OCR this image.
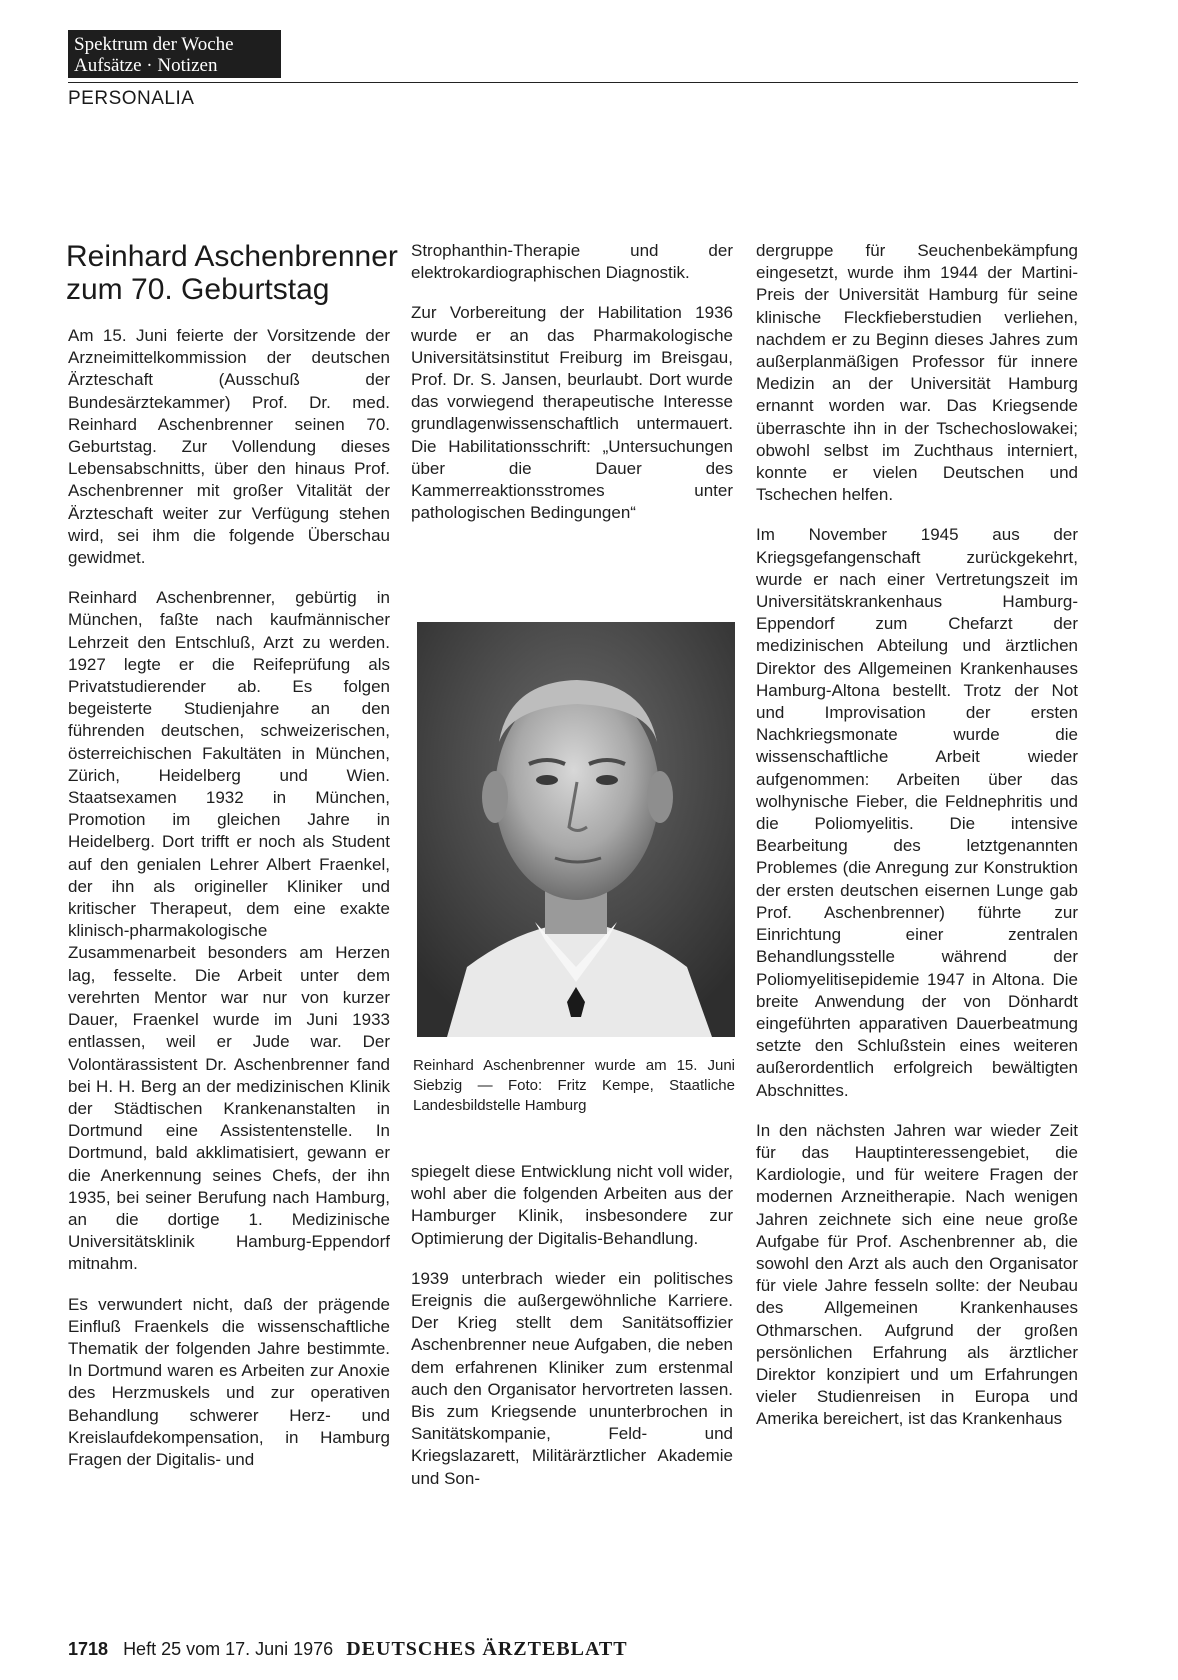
Spektrum der Woche
Aufsätze · Notizen
PERSONALIA
Reinhard Aschenbrenner
zum 70. Geburtstag

Am 15. Juni feierte der Vorsitzende der Arzneimittelkommission der deutschen Ärzteschaft (Ausschuß der Bundesärztekammer) Prof. Dr. med. Reinhard Aschenbrenner seinen 70. Geburtstag. Zur Vollendung dieses Lebensabschnitts, über den hinaus Prof. Aschenbrenner mit großer Vitalität der Ärzteschaft weiter zur Verfügung stehen wird, sei ihm die folgende Überschau gewidmet.

Reinhard Aschenbrenner, gebürtig in München, faßte nach kaufmännischer Lehrzeit den Entschluß, Arzt zu werden. 1927 legte er die Reifeprüfung als Privatstudierender ab. Es folgen begeisterte Studienjahre an den führenden deutschen, schweizerischen, österreichischen Fakultäten in München, Zürich, Heidelberg und Wien. Staatsexamen 1932 in München, Promotion im gleichen Jahre in Heidelberg. Dort trifft er noch als Student auf den genialen Lehrer Albert Fraenkel, der ihn als origineller Kliniker und kritischer Therapeut, dem eine exakte klinisch-pharmakologische Zusammenarbeit besonders am Herzen lag, fesselte. Die Arbeit unter dem verehrten Mentor war nur von kurzer Dauer, Fraenkel wurde im Juni 1933 entlassen, weil er Jude war. Der Volontärassistent Dr. Aschenbrenner fand bei H. H. Berg an der medizinischen Klinik der Städtischen Krankenanstalten in Dortmund eine Assistentenstelle. In Dortmund, bald akklimatisiert, gewann er die Anerkennung seines Chefs, der ihn 1935, bei seiner Berufung nach Hamburg, an die dortige 1. Medizinische Universitätsklinik Hamburg-Eppendorf mitnahm.

Es verwundert nicht, daß der prägende Einfluß Fraenkels die wissenschaftliche Thematik der folgenden Jahre bestimmte. In Dortmund waren es Arbeiten zur Anoxie des Herzmuskels und zur operativen Behandlung schwerer Herz- und Kreislaufdekompensation, in Hamburg Fragen der Digitalis- und

Strophanthin-Therapie und der elektrokardiographischen Diagnostik.

Zur Vorbereitung der Habilitation 1936 wurde er an das Pharmakologische Universitätsinstitut Freiburg im Breisgau, Prof. Dr. S. Jansen, beurlaubt. Dort wurde das vorwiegend therapeutische Interesse grundlagenwissenschaftlich untermauert. Die Habilitationsschrift: „Untersuchungen über die Dauer des Kammerreaktionsstromes unter pathologischen Bedingungen“

Reinhard Aschenbrenner wurde am 15. Juni Siebzig — Foto: Fritz Kempe, Staatliche Landesbildstelle Hamburg

spiegelt diese Entwicklung nicht voll wider, wohl aber die folgenden Arbeiten aus der Hamburger Klinik, insbesondere zur Optimierung der Digitalis-Behandlung.

1939 unterbrach wieder ein politisches Ereignis die außergewöhnliche Karriere. Der Krieg stellt dem Sanitätsoffizier Aschenbrenner neue Aufgaben, die neben dem erfahrenen Kliniker zum erstenmal auch den Organisator hervortreten lassen. Bis zum Kriegsende ununterbrochen in Sanitätskompanie, Feld- und Kriegslazarett, Militärärztlicher Akademie und Son-

dergruppe für Seuchenbekämpfung eingesetzt, wurde ihm 1944 der Martini-Preis der Universität Hamburg für seine klinische Fleckfieberstudien verliehen, nachdem er zu Beginn dieses Jahres zum außerplanmäßigen Professor für innere Medizin an der Universität Hamburg ernannt worden war. Das Kriegsende überraschte ihn in der Tschechoslowakei; obwohl selbst im Zuchthaus interniert, konnte er vielen Deutschen und Tschechen helfen.

Im November 1945 aus der Kriegsgefangenschaft zurückgekehrt, wurde er nach einer Vertretungszeit im Universitätskrankenhaus Hamburg-Eppendorf zum Chefarzt der medizinischen Abteilung und ärztlichen Direktor des Allgemeinen Krankenhauses Hamburg-Altona bestellt. Trotz der Not und Improvisation der ersten Nachkriegsmonate wurde die wissenschaftliche Arbeit wieder aufgenommen: Arbeiten über das wolhynische Fieber, die Feldnephritis und die Poliomyelitis. Die intensive Bearbeitung des letztgenannten Problemes (die Anregung zur Konstruktion der ersten deutschen eisernen Lunge gab Prof. Aschenbrenner) führte zur Einrichtung einer zentralen Behandlungsstelle während der Poliomyelitisepidemie 1947 in Altona. Die breite Anwendung der von Dönhardt eingeführten apparativen Dauerbeatmung setzte den Schlußstein eines weiteren außerordentlich erfolgreich bewältigten Abschnittes.

In den nächsten Jahren war wieder Zeit für das Hauptinteressengebiet, die Kardiologie, und für weitere Fragen der modernen Arzneitherapie. Nach wenigen Jahren zeichnete sich eine neue große Aufgabe für Prof. Aschenbrenner ab, die sowohl den Arzt als auch den Organisator für viele Jahre fesseln sollte: der Neubau des Allgemeinen Krankenhauses Othmarschen. Aufgrund der großen persönlichen Erfahrung als ärztlicher Direktor konzipiert und um Erfahrungen vieler Studienreisen in Europa und Amerika bereichert, ist das Krankenhaus

1718 Heft 25 vom 17. Juni 1976 DEUTSCHES ÄRZTEBLATT
